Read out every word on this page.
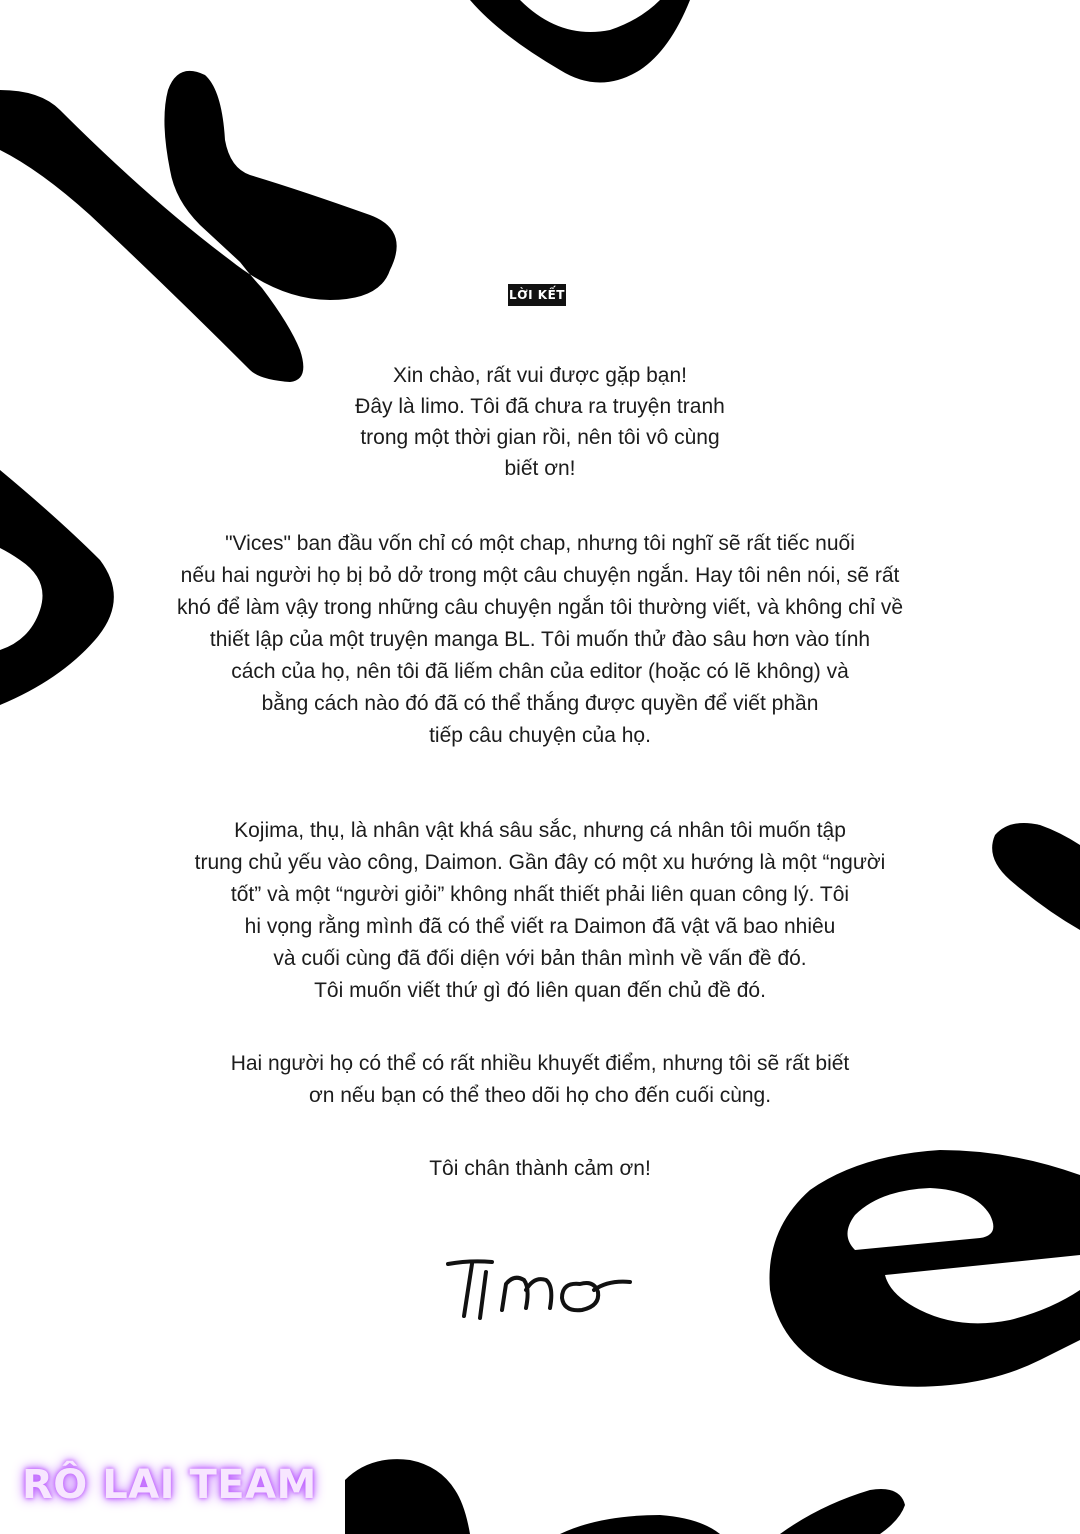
LỜI KẾT
Xin chào, rất vui được gặp bạn!
Đây là limo. Tôi đã chưa ra truyện tranh
trong một thời gian rồi, nên tôi vô cùng
biết ơn!
"Vices" ban đầu vốn chỉ có một chap, nhưng tôi nghĩ sẽ rất tiếc nuối
nếu hai người họ bị bỏ dở trong một câu chuyện ngắn. Hay tôi nên nói, sẽ rất
khó để làm vậy trong những câu chuyện ngắn tôi thường viết, và không chỉ về
thiết lập của một truyện manga BL. Tôi muốn thử đào sâu hơn vào tính
cách của họ, nên tôi đã liếm chân của editor (hoặc có lẽ không) và
bằng cách nào đó đã có thể thắng được quyền để viết phần
tiếp câu chuyện của họ.
Kojima, thụ, là nhân vật khá sâu sắc, nhưng cá nhân tôi muốn tập
trung chủ yếu vào công, Daimon. Gần đây có một xu hướng là một “người
tốt” và một “người giỏi” không nhất thiết phải liên quan công lý. Tôi
hi vọng rằng mình đã có thể viết ra Daimon đã vật vã bao nhiêu
và cuối cùng đã đối diện với bản thân mình về vấn đề đó.
Tôi muốn viết thứ gì đó liên quan đến chủ đề đó.
Hai người họ có thể có rất nhiều khuyết điểm, nhưng tôi sẽ rất biết
ơn nếu bạn có thể theo dõi họ cho đến cuối cùng.
Tôi chân thành cảm ơn!
RÔ LAI TEAM
